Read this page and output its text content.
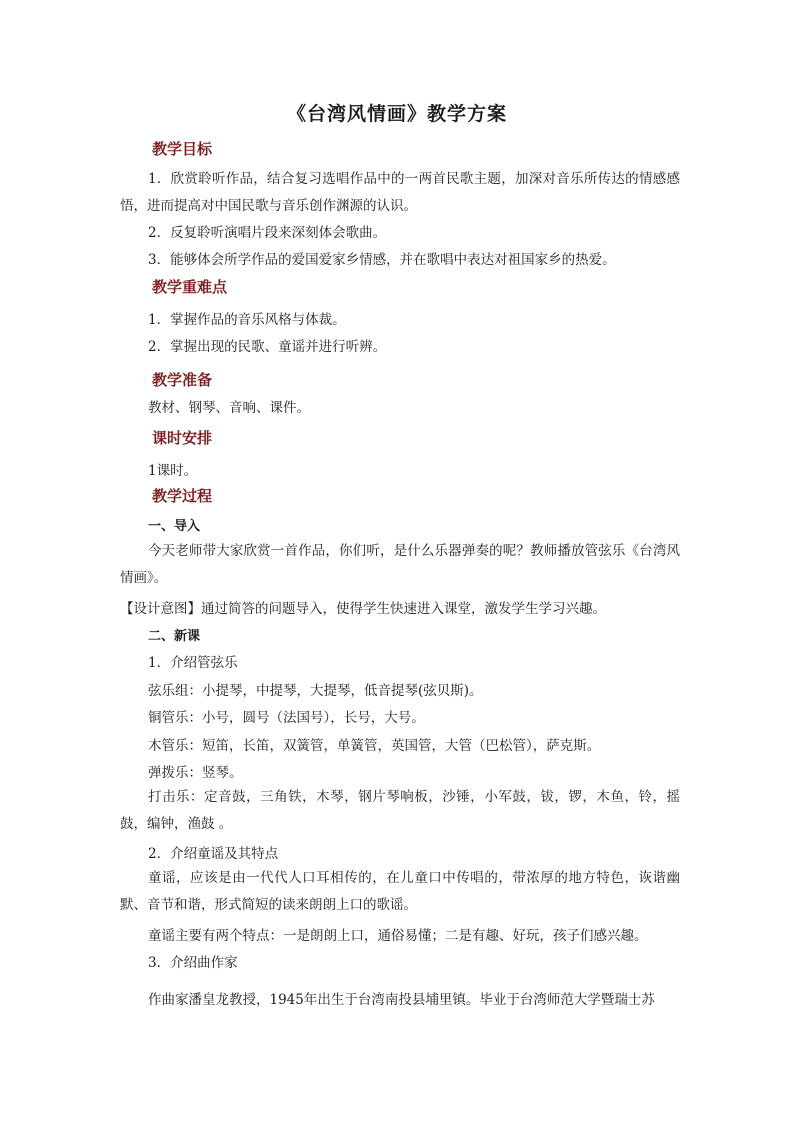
《台湾风情画》教学方案
教学目标
1．欣赏聆听作品，结合复习选唱作品中的一两首民歌主题，加深对音乐所传达的情感感悟，进而提高对中国民歌与音乐创作渊源的认识。
2．反复聆听演唱片段来深刻体会歌曲。
3．能够体会所学作品的爱国爱家乡情感，并在歌唱中表达对祖国家乡的热爱。
教学重难点
1．掌握作品的音乐风格与体裁。
2．掌握出现的民歌、童谣并进行听辨。
教学准备
教材、钢琴、音响、课件。
课时安排
1课时。
教学过程
一、导入
今天老师带大家欣赏一首作品，你们听，是什么乐器弹奏的呢？教师播放管弦乐《台湾风情画》。
【设计意图】通过简答的问题导入，使得学生快速进入课堂，激发学生学习兴趣。
二、新课
1．介绍管弦乐
弦乐组：小提琴，中提琴，大提琴，低音提琴(弦贝斯)。
铜管乐：小号，圆号（法国号），长号，大号。
木管乐：短笛，长笛，双簧管，单簧管，英国管，大管（巴松管），萨克斯。
弹拨乐：竖琴。
打击乐：定音鼓，三角铁，木琴，钢片琴响板，沙锤，小军鼓，钹，锣，木鱼，铃，摇鼓，编钟，渔鼓 。
2．介绍童谣及其特点
童谣，应该是由一代代人口耳相传的，在儿童口中传唱的，带浓厚的地方特色，诙谐幽默、音节和谐，形式简短的读来朗朗上口的歌谣。
童谣主要有两个特点：一是朗朗上口，通俗易懂；二是有趣、好玩，孩子们感兴趣。
3．介绍曲作家
作曲家潘皇龙教授，1945年出生于台湾南投县埔里镇。毕业于台湾师范大学暨瑞士苏
